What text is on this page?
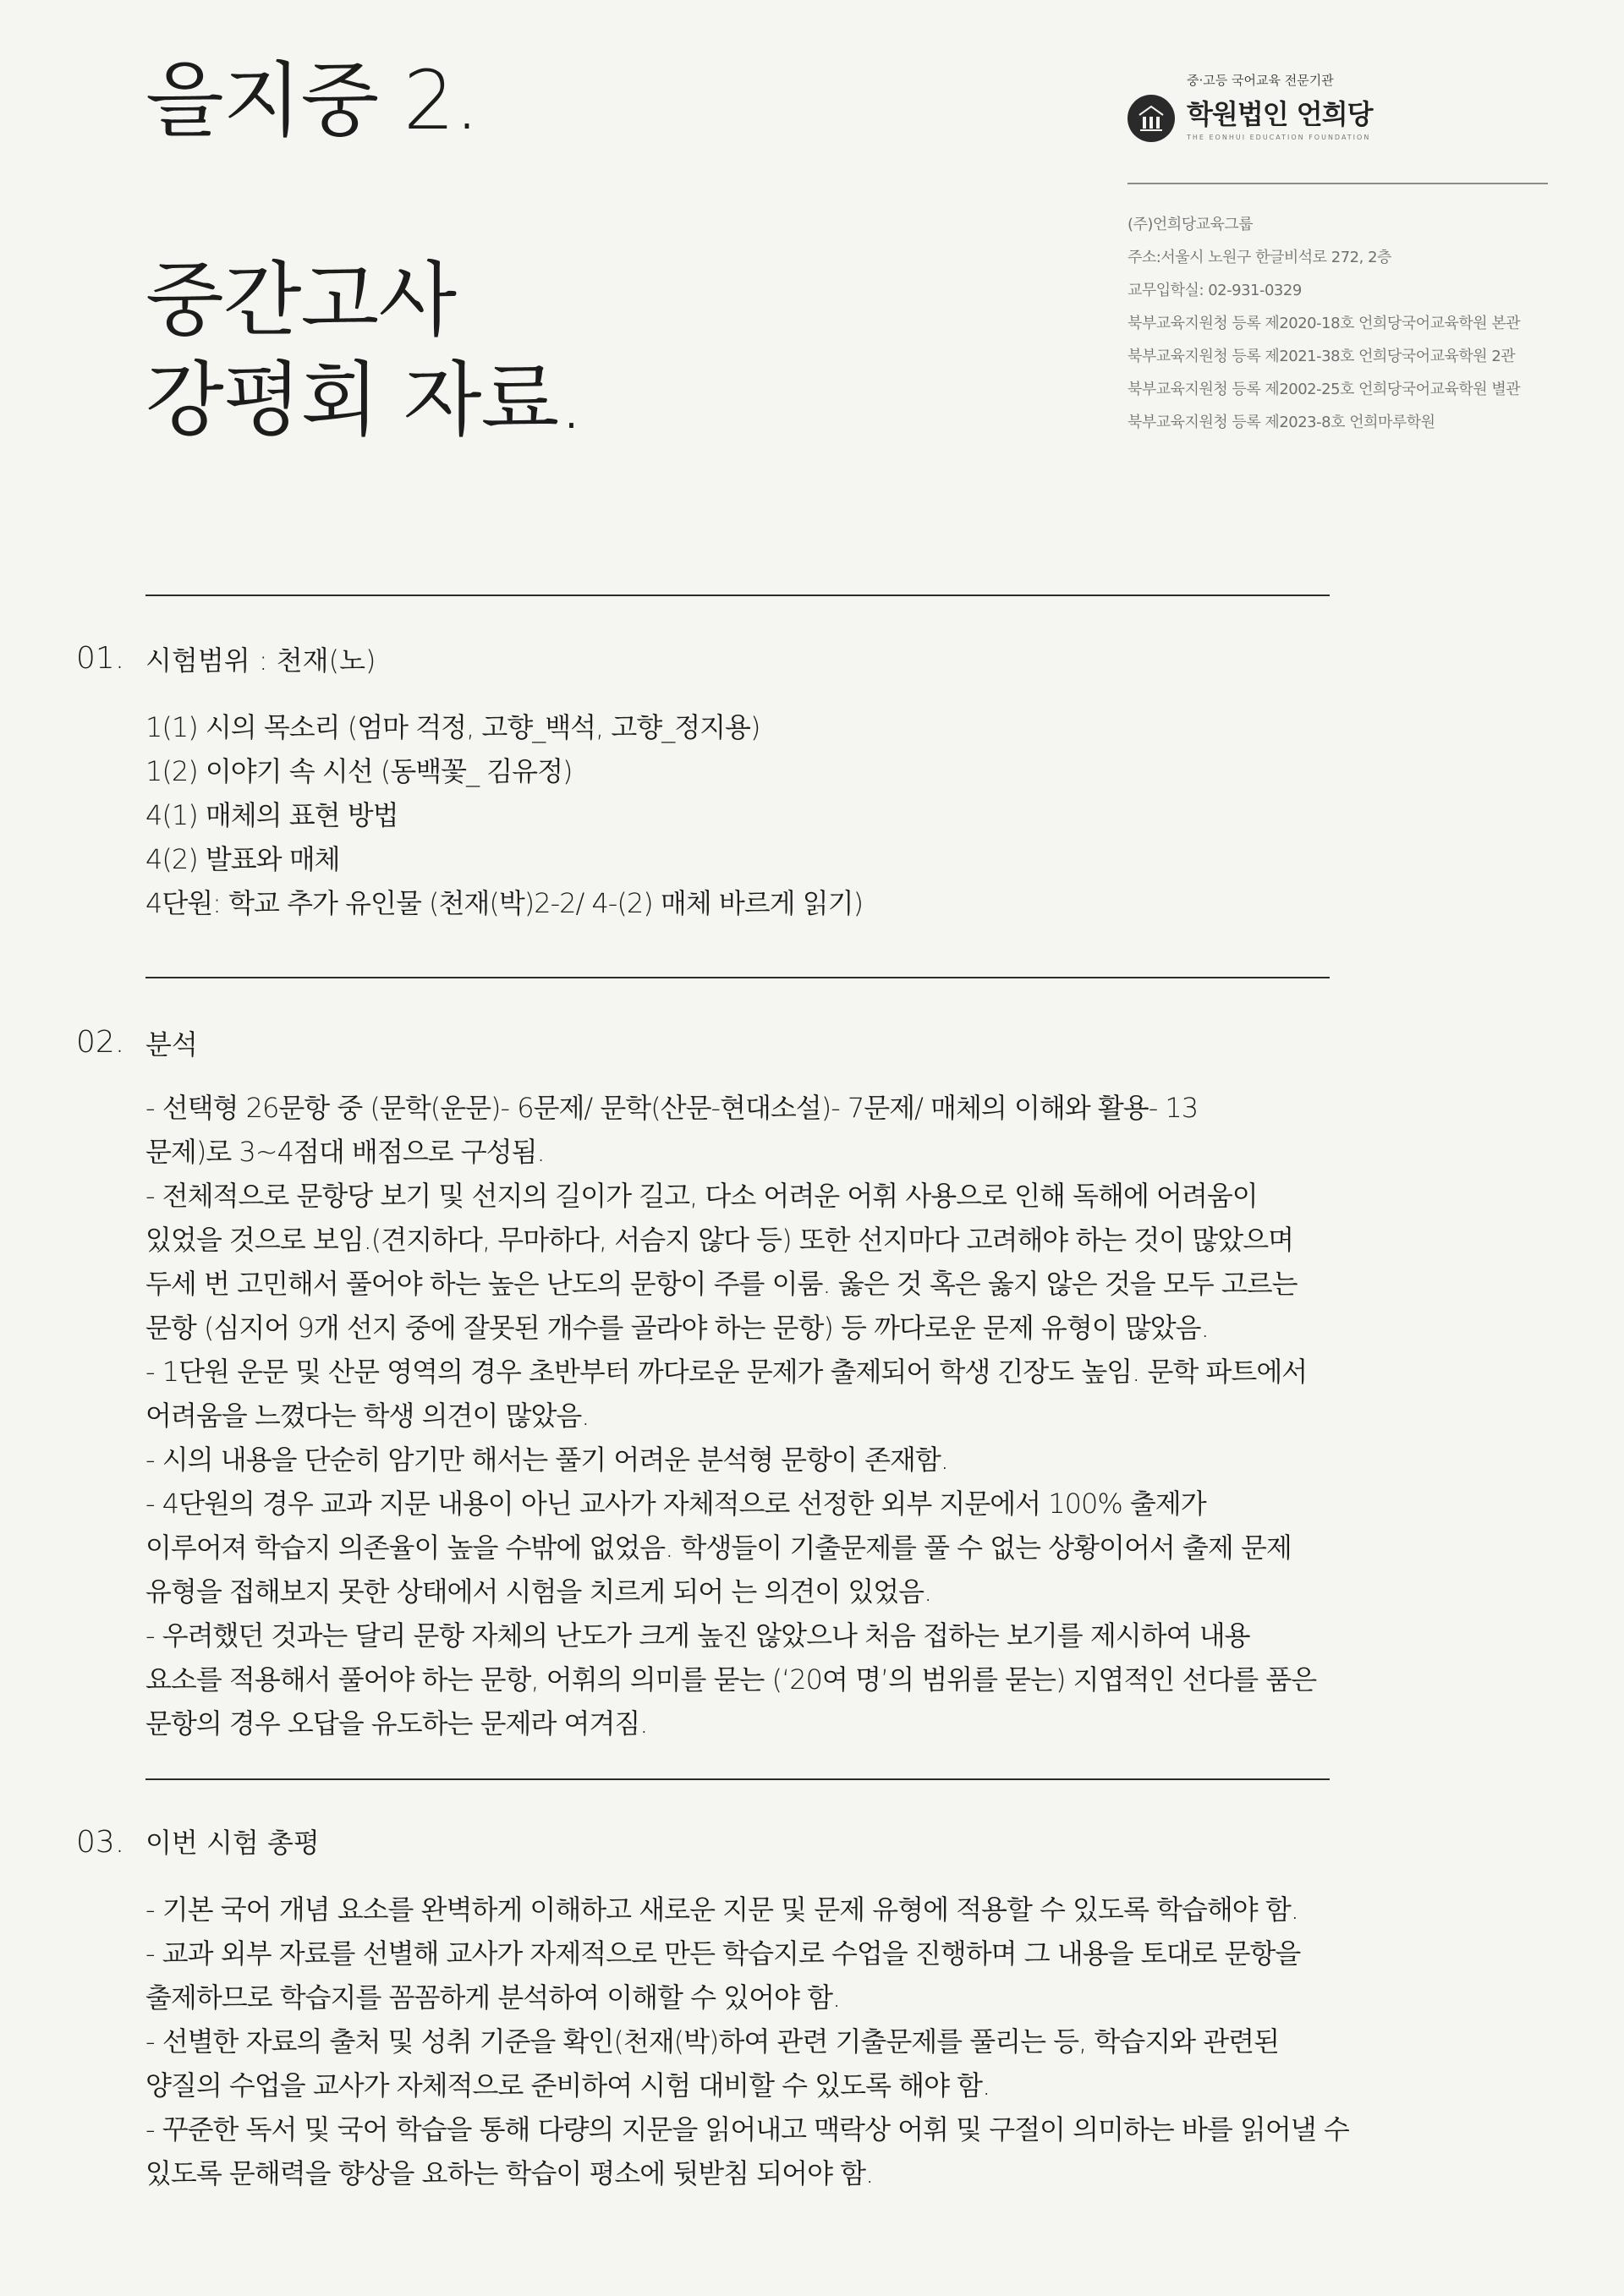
을지중 2.
중간고사
강평회 자료.
중·고등 국어교육 전문기관
학원법인 언희당
THE EONHUI EDUCATION FOUNDATION
(주)언희당교육그룹
주소:서울시 노원구 한글비석로 272, 2층
교무입학실: 02-931-0329
북부교육지원청 등록 제2020-18호 언희당국어교육학원 본관
북부교육지원청 등록 제2021-38호 언희당국어교육학원 2관
북부교육지원청 등록 제2002-25호 언희당국어교육학원 별관
북부교육지원청 등록 제2023-8호 언희마루학원
01. 시험범위 : 천재(노)
1(1) 시의 목소리 (엄마 걱정, 고향_백석, 고향_정지용)
1(2) 이야기 속 시선 (동백꽃_ 김유정)
4(1) 매체의 표현 방법
4(2) 발표와 매체
4단원: 학교 추가 유인물 (천재(박)2-2/ 4-(2) 매체 바르게 읽기)
02. 분석
- 선택형 26문항 중 (문학(운문)- 6문제/ 문학(산문-현대소설)- 7문제/ 매체의 이해와 활용- 13
문제)로 3~4점대 배점으로 구성됨.
- 전체적으로 문항당 보기 및 선지의 길이가 길고, 다소 어려운 어휘 사용으로 인해 독해에 어려움이
있었을 것으로 보임.(견지하다, 무마하다, 서슴지 않다 등) 또한 선지마다 고려해야 하는 것이 많았으며
두세 번 고민해서 풀어야 하는 높은 난도의 문항이 주를 이룸. 옳은 것 혹은 옳지 않은 것을 모두 고르는
문항 (심지어 9개 선지 중에 잘못된 개수를 골라야 하는 문항) 등 까다로운 문제 유형이 많았음.
- 1단원 운문 및 산문 영역의 경우 초반부터 까다로운 문제가 출제되어 학생 긴장도 높임. 문학 파트에서
어려움을 느꼈다는 학생 의견이 많았음.
- 시의 내용을 단순히 암기만 해서는 풀기 어려운 분석형 문항이 존재함.
- 4단원의 경우 교과 지문 내용이 아닌 교사가 자체적으로 선정한 외부 지문에서 100% 출제가
이루어져 학습지 의존율이 높을 수밖에 없었음. 학생들이 기출문제를 풀 수 없는 상황이어서 출제 문제
유형을 접해보지 못한 상태에서 시험을 치르게 되어 는 의견이 있었음.
- 우려했던 것과는 달리 문항 자체의 난도가 크게 높진 않았으나 처음 접하는 보기를 제시하여 내용
요소를 적용해서 풀어야 하는 문항, 어휘의 의미를 묻는 (‘20여 명’의 범위를 묻는) 지엽적인 선다를 품은
문항의 경우 오답을 유도하는 문제라 여겨짐.
03. 이번 시험 총평
- 기본 국어 개념 요소를 완벽하게 이해하고 새로운 지문 및 문제 유형에 적용할 수 있도록 학습해야 함.
- 교과 외부 자료를 선별해 교사가 자제적으로 만든 학습지로 수업을 진행하며 그 내용을 토대로 문항을
출제하므로 학습지를 꼼꼼하게 분석하여 이해할 수 있어야 함.
- 선별한 자료의 출처 및 성취 기준을 확인(천재(박)하여 관련 기출문제를 풀리는 등, 학습지와 관련된
양질의 수업을 교사가 자체적으로 준비하여 시험 대비할 수 있도록 해야 함.
- 꾸준한 독서 및 국어 학습을 통해 다량의 지문을 읽어내고 맥락상 어휘 및 구절이 의미하는 바를 읽어낼 수
있도록 문해력을 향상을 요하는 학습이 평소에 뒷받침 되어야 함.
